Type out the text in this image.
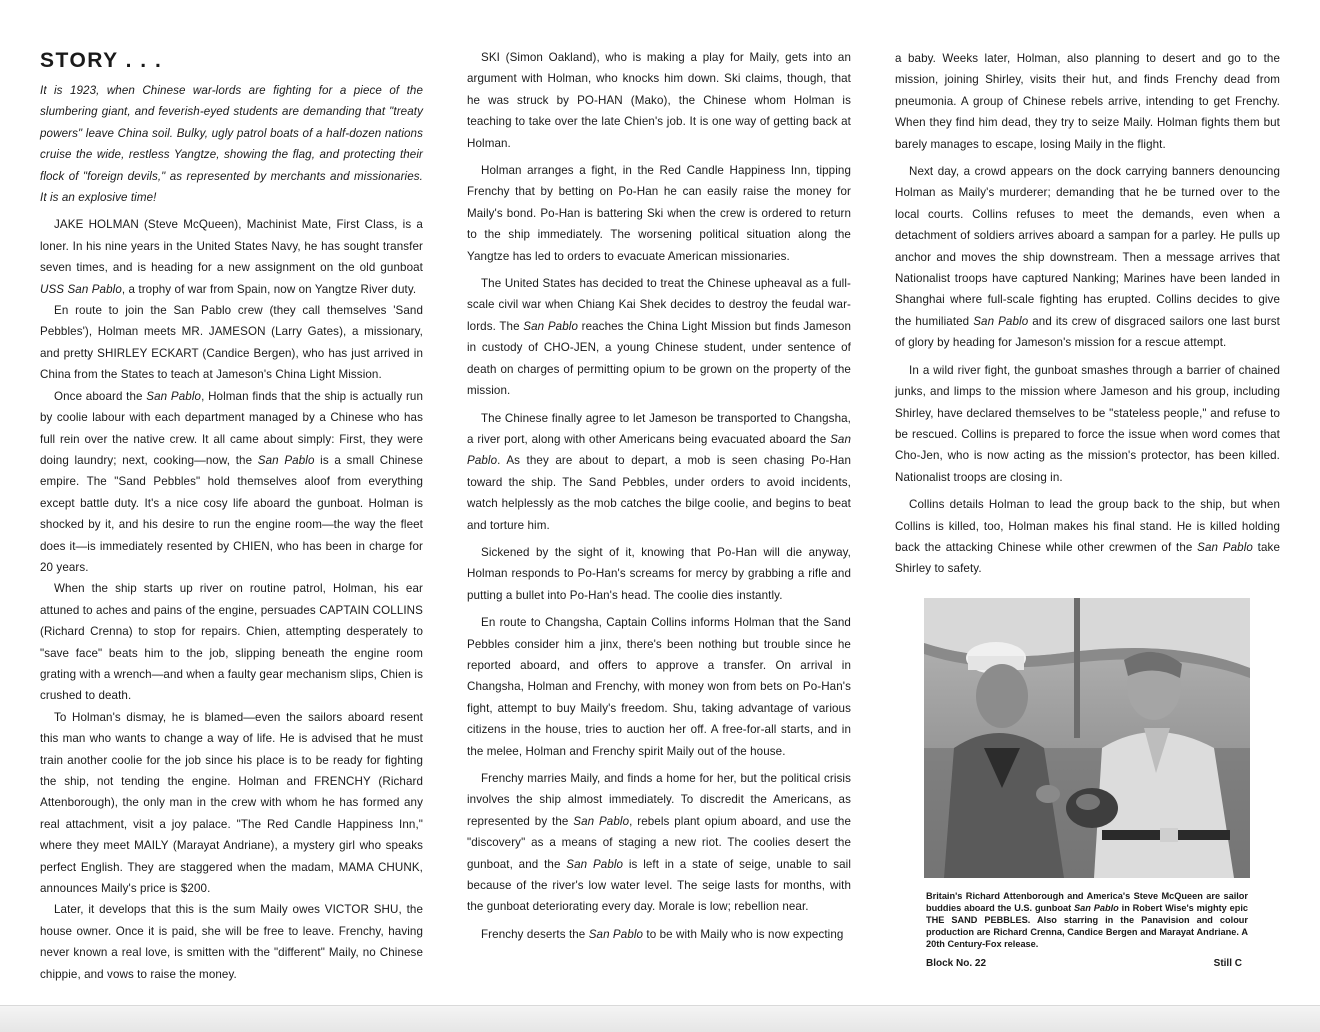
STORY . . .

It is 1923, when Chinese war-lords are fighting for a piece of the slumbering giant, and feverish-eyed students are demanding that "treaty powers" leave China soil. Bulky, ugly patrol boats of a half-dozen nations cruise the wide, restless Yangtze, showing the flag, and protecting their flock of "foreign devils," as represented by merchants and missionaries. It is an explosive time!

JAKE HOLMAN (Steve McQueen), Machinist Mate, First Class, is a loner. In his nine years in the United States Navy, he has sought transfer seven times, and is heading for a new assignment on the old gunboat USS San Pablo, a trophy of war from Spain, now on Yangtze River duty.

En route to join the San Pablo crew (they call themselves 'Sand Pebbles'), Holman meets MR. JAMESON (Larry Gates), a missionary, and pretty SHIRLEY ECKART (Candice Bergen), who has just arrived in China from the States to teach at Jameson's China Light Mission.

Once aboard the San Pablo, Holman finds that the ship is actually run by coolie labour with each department managed by a Chinese who has full rein over the native crew. It all came about simply: First, they were doing laundry; next, cooking—now, the San Pablo is a small Chinese empire. The "Sand Pebbles" hold themselves aloof from everything except battle duty. It's a nice cosy life aboard the gunboat. Holman is shocked by it, and his desire to run the engine room—the way the fleet does it—is immediately resented by CHIEN, who has been in charge for 20 years.

When the ship starts up river on routine patrol, Holman, his ear attuned to aches and pains of the engine, persuades CAPTAIN COLLINS (Richard Crenna) to stop for repairs. Chien, attempting desperately to "save face" beats him to the job, slipping beneath the engine room grating with a wrench—and when a faulty gear mechanism slips, Chien is crushed to death.

To Holman's dismay, he is blamed—even the sailors aboard resent this man who wants to change a way of life. He is advised that he must train another coolie for the job since his place is to be ready for fighting the ship, not tending the engine. Holman and FRENCHY (Richard Attenborough), the only man in the crew with whom he has formed any real attachment, visit a joy palace. "The Red Candle Happiness Inn," where they meet MAILY (Marayat Andriane), a mystery girl who speaks perfect English. They are staggered when the madam, MAMA CHUNK, announces Maily's price is $200.

Later, it develops that this is the sum Maily owes VICTOR SHU, the house owner. Once it is paid, she will be free to leave. Frenchy, having never known a real love, is smitten with the "different" Maily, no Chinese chippie, and vows to raise the money.

SKI (Simon Oakland), who is making a play for Maily, gets into an argument with Holman, who knocks him down. Ski claims, though, that he was struck by PO-HAN (Mako), the Chinese whom Holman is teaching to take over the late Chien's job. It is one way of getting back at Holman.

Holman arranges a fight, in the Red Candle Happiness Inn, tipping Frenchy that by betting on Po-Han he can easily raise the money for Maily's bond. Po-Han is battering Ski when the crew is ordered to return to the ship immediately. The worsening political situation along the Yangtze has led to orders to evacuate American missionaries.

The United States has decided to treat the Chinese upheaval as a full-scale civil war when Chiang Kai Shek decides to destroy the feudal war-lords. The San Pablo reaches the China Light Mission but finds Jameson in custody of CHO-JEN, a young Chinese student, under sentence of death on charges of permitting opium to be grown on the property of the mission.

The Chinese finally agree to let Jameson be transported to Changsha, a river port, along with other Americans being evacuated aboard the San Pablo. As they are about to depart, a mob is seen chasing Po-Han toward the ship. The Sand Pebbles, under orders to avoid incidents, watch helplessly as the mob catches the bilge coolie, and begins to beat and torture him.

Sickened by the sight of it, knowing that Po-Han will die anyway, Holman responds to Po-Han's screams for mercy by grabbing a rifle and putting a bullet into Po-Han's head. The coolie dies instantly.

En route to Changsha, Captain Collins informs Holman that the Sand Pebbles consider him a jinx, there's been nothing but trouble since he reported aboard, and offers to approve a transfer. On arrival in Changsha, Holman and Frenchy, with money won from bets on Po-Han's fight, attempt to buy Maily's freedom. Shu, taking advantage of various citizens in the house, tries to auction her off. A free-for-all starts, and in the melee, Holman and Frenchy spirit Maily out of the house.

Frenchy marries Maily, and finds a home for her, but the political crisis involves the ship almost immediately. To discredit the Americans, as represented by the San Pablo, rebels plant opium aboard, and use the "discovery" as a means of staging a new riot. The coolies desert the gunboat, and the San Pablo is left in a state of seige, unable to sail because of the river's low water level. The seige lasts for months, with the gunboat deteriorating every day. Morale is low; rebellion near.

Frenchy deserts the San Pablo to be with Maily who is now expecting

a baby. Weeks later, Holman, also planning to desert and go to the mission, joining Shirley, visits their hut, and finds Frenchy dead from pneumonia. A group of Chinese rebels arrive, intending to get Frenchy. When they find him dead, they try to seize Maily. Holman fights them but barely manages to escape, losing Maily in the flight.

Next day, a crowd appears on the dock carrying banners denouncing Holman as Maily's murderer; demanding that he be turned over to the local courts. Collins refuses to meet the demands, even when a detachment of soldiers arrives aboard a sampan for a parley. He pulls up anchor and moves the ship downstream. Then a message arrives that Nationalist troops have captured Nanking; Marines have been landed in Shanghai where full-scale fighting has erupted. Collins decides to give the humiliated San Pablo and its crew of disgraced sailors one last burst of glory by heading for Jameson's mission for a rescue attempt.

In a wild river fight, the gunboat smashes through a barrier of chained junks, and limps to the mission where Jameson and his group, including Shirley, have declared themselves to be "stateless people," and refuse to be rescued. Collins is prepared to force the issue when word comes that Cho-Jen, who is now acting as the mission's protector, has been killed. Nationalist troops are closing in.

Collins details Holman to lead the group back to the ship, but when Collins is killed, too, Holman makes his final stand. He is killed holding back the attacking Chinese while other crewmen of the San Pablo take Shirley to safety.

Britain's Richard Attenborough and America's Steve McQueen are sailor buddies aboard the U.S. gunboat San Pablo in Robert Wise's mighty epic THE SAND PEBBLES. Also starring in the Panavision and colour production are Richard Crenna, Candice Bergen and Marayat Andriane. A 20th Century-Fox release.
Block No. 22	Still C
